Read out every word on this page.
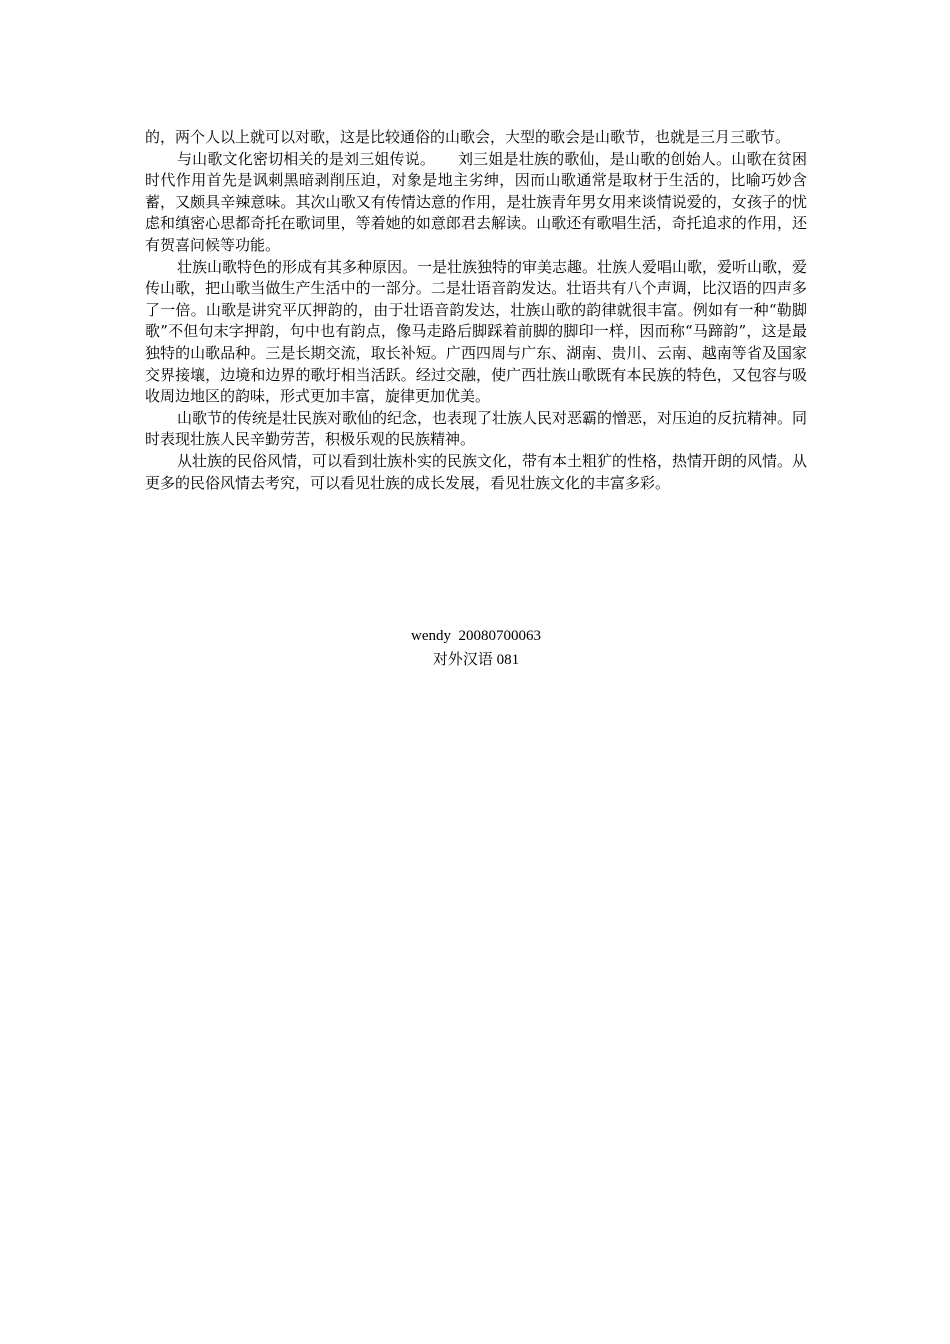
的，两个人以上就可以对歌，这是比较通俗的山歌会，大型的歌会是山歌节，也就是三月三歌节。

与山歌文化密切相关的是刘三姐传说。　　刘三姐是壮族的歌仙，是山歌的创始人。山歌在贫困时代作用首先是讽刺黑暗剥削压迫，对象是地主劣绅，因而山歌通常是取材于生活的，比喻巧妙含蓄，又颇具辛辣意味。其次山歌又有传情达意的作用，是壮族青年男女用来谈情说爱的，女孩子的忧虑和缜密心思都奇托在歌词里，等着她的如意郎君去解读。山歌还有歌唱生活，奇托追求的作用，还有贺喜问候等功能。

壮族山歌特色的形成有其多种原因。一是壮族独特的审美志趣。壮族人爱唱山歌，爱听山歌，爱传山歌，把山歌当做生产生活中的一部分。二是壮语音韵发达。壮语共有八个声调，比汉语的四声多了一倍。山歌是讲究平仄押韵的，由于壮语音韵发达，壮族山歌的韵律就很丰富。例如有一种“勒脚歌”不但句末字押韵，句中也有韵点，像马走路后脚踩着前脚的脚印一样，因而称“马蹄韵”，这是最独特的山歌品种。三是长期交流，取长补短。广西四周与广东、湖南、贵川、云南、越南等省及国家交界接壤，边境和边界的歌圩相当活跃。经过交融，使广西壮族山歌既有本民族的特色，又包容与吸收周边地区的韵味，形式更加丰富，旋律更加优美。

山歌节的传统是壮民族对歌仙的纪念，也表现了壮族人民对恶霸的憎恶，对压迫的反抗精神。同时表现壮族人民辛勤劳苦，积极乐观的民族精神。

从壮族的民俗风情，可以看到壮族朴实的民族文化，带有本土粗犷的性格，热情开朗的风情。从更多的民俗风情去考究，可以看见壮族的成长发展，看见壮族文化的丰富多彩。

wendy  20080700063
对外汉语 081
